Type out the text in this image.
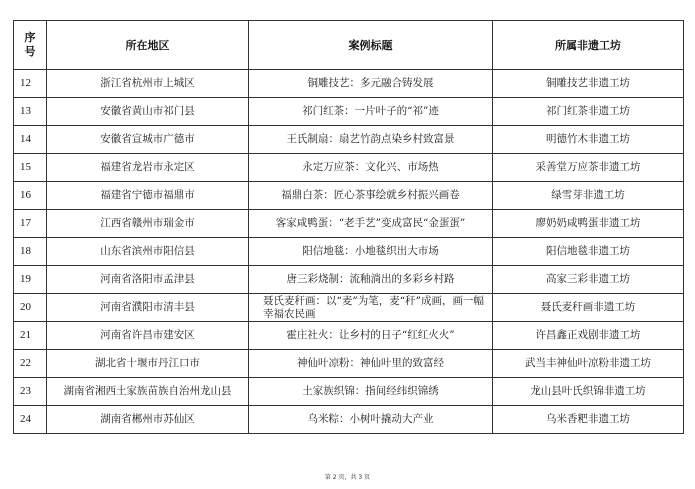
序号	所在地区	案例标题	所属非遗工坊
12	浙江省杭州市上城区	铜雕技艺：多元融合铸发展	铜雕技艺非遗工坊
13	安徽省黄山市祁门县	祁门红茶：一片叶子的“祁”迹	祁门红茶非遗工坊
14	安徽省宣城市广德市	王氏制扇：扇艺竹韵点染乡村致富景	明德竹木非遗工坊
15	福建省龙岩市永定区	永定万应茶：文化兴、市场热	采善堂万应茶非遗工坊
16	福建省宁德市福鼎市	福鼎白茶：匠心茶事绘就乡村振兴画卷	绿雪芽非遗工坊
17	江西省赣州市瑞金市	客家咸鸭蛋：“老手艺”变成富民“金蛋蛋”	廖奶奶咸鸭蛋非遗工坊
18	山东省滨州市阳信县	阳信地毯：小地毯织出大市场	阳信地毯非遗工坊
19	河南省洛阳市孟津县	唐三彩烧制：流釉淌出的多彩乡村路	高家三彩非遗工坊
20	河南省濮阳市清丰县	聂氏麦秆画：以“麦”为笔，麦“秆”成画，画一幅幸福农民画	聂氏麦秆画非遗工坊
21	河南省许昌市建安区	霍庄社火：让乡村的日子“红红火火”	许昌鑫正戏剧非遗工坊
22	湖北省十堰市丹江口市	神仙叶凉粉：神仙叶里的致富经	武当丰神仙叶凉粉非遗工坊
23	湖南省湘西土家族苗族自治州龙山县	土家族织锦：指间经纬织锦绣	龙山县叶氏织锦非遗工坊
24	湖南省郴州市苏仙区	乌米粽：小树叶撬动大产业	乌米香粑非遗工坊
第 2 页，共 3 页
